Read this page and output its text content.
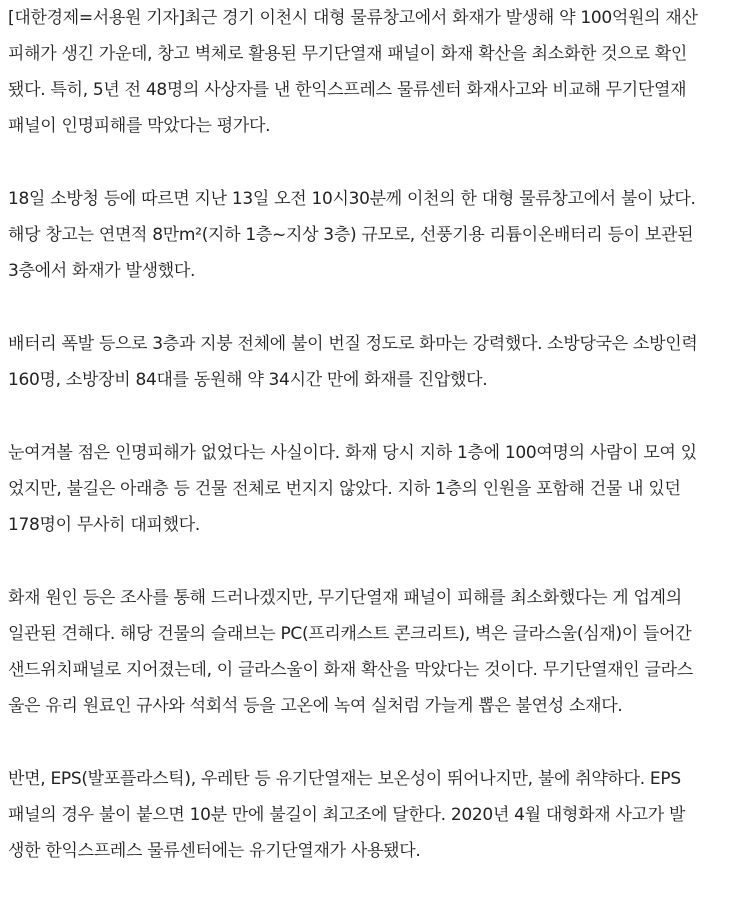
[대한경제=서용원 기자]최근 경기 이천시 대형 물류창고에서 화재가 발생해 약 100억원의 재산
피해가 생긴 가운데, 창고 벽체로 활용된 무기단열재 패널이 화재 확산을 최소화한 것으로 확인
됐다. 특히, 5년 전 48명의 사상자를 낸 한익스프레스 물류센터 화재사고와 비교해 무기단열재
패널이 인명피해를 막았다는 평가다.
18일 소방청 등에 따르면 지난 13일 오전 10시30분께 이천의 한 대형 물류창고에서 불이 났다.
해당 창고는 연면적 8만m²(지하 1층~지상 3층) 규모로, 선풍기용 리튬이온배터리 등이 보관된
3층에서 화재가 발생했다.
배터리 폭발 등으로 3층과 지붕 전체에 불이 번질 정도로 화마는 강력했다. 소방당국은 소방인력
160명, 소방장비 84대를 동원해 약 34시간 만에 화재를 진압했다.
눈여겨볼 점은 인명피해가 없었다는 사실이다. 화재 당시 지하 1층에 100여명의 사람이 모여 있
었지만, 불길은 아래층 등 건물 전체로 번지지 않았다. 지하 1층의 인원을 포함해 건물 내 있던
178명이 무사히 대피했다.
화재 원인 등은 조사를 통해 드러나겠지만, 무기단열재 패널이 피해를 최소화했다는 게 업계의
일관된 견해다. 해당 건물의 슬래브는 PC(프리캐스트 콘크리트), 벽은 글라스울(심재)이 들어간
샌드위치패널로 지어졌는데, 이 글라스울이 화재 확산을 막았다는 것이다. 무기단열재인 글라스
울은 유리 원료인 규사와 석회석 등을 고온에 녹여 실처럼 가늘게 뽑은 불연성 소재다.
반면, EPS(발포플라스틱), 우레탄 등 유기단열재는 보온성이 뛰어나지만, 불에 취약하다. EPS
패널의 경우 불이 붙으면 10분 만에 불길이 최고조에 달한다. 2020년 4월 대형화재 사고가 발
생한 한익스프레스 물류센터에는 유기단열재가 사용됐다.
